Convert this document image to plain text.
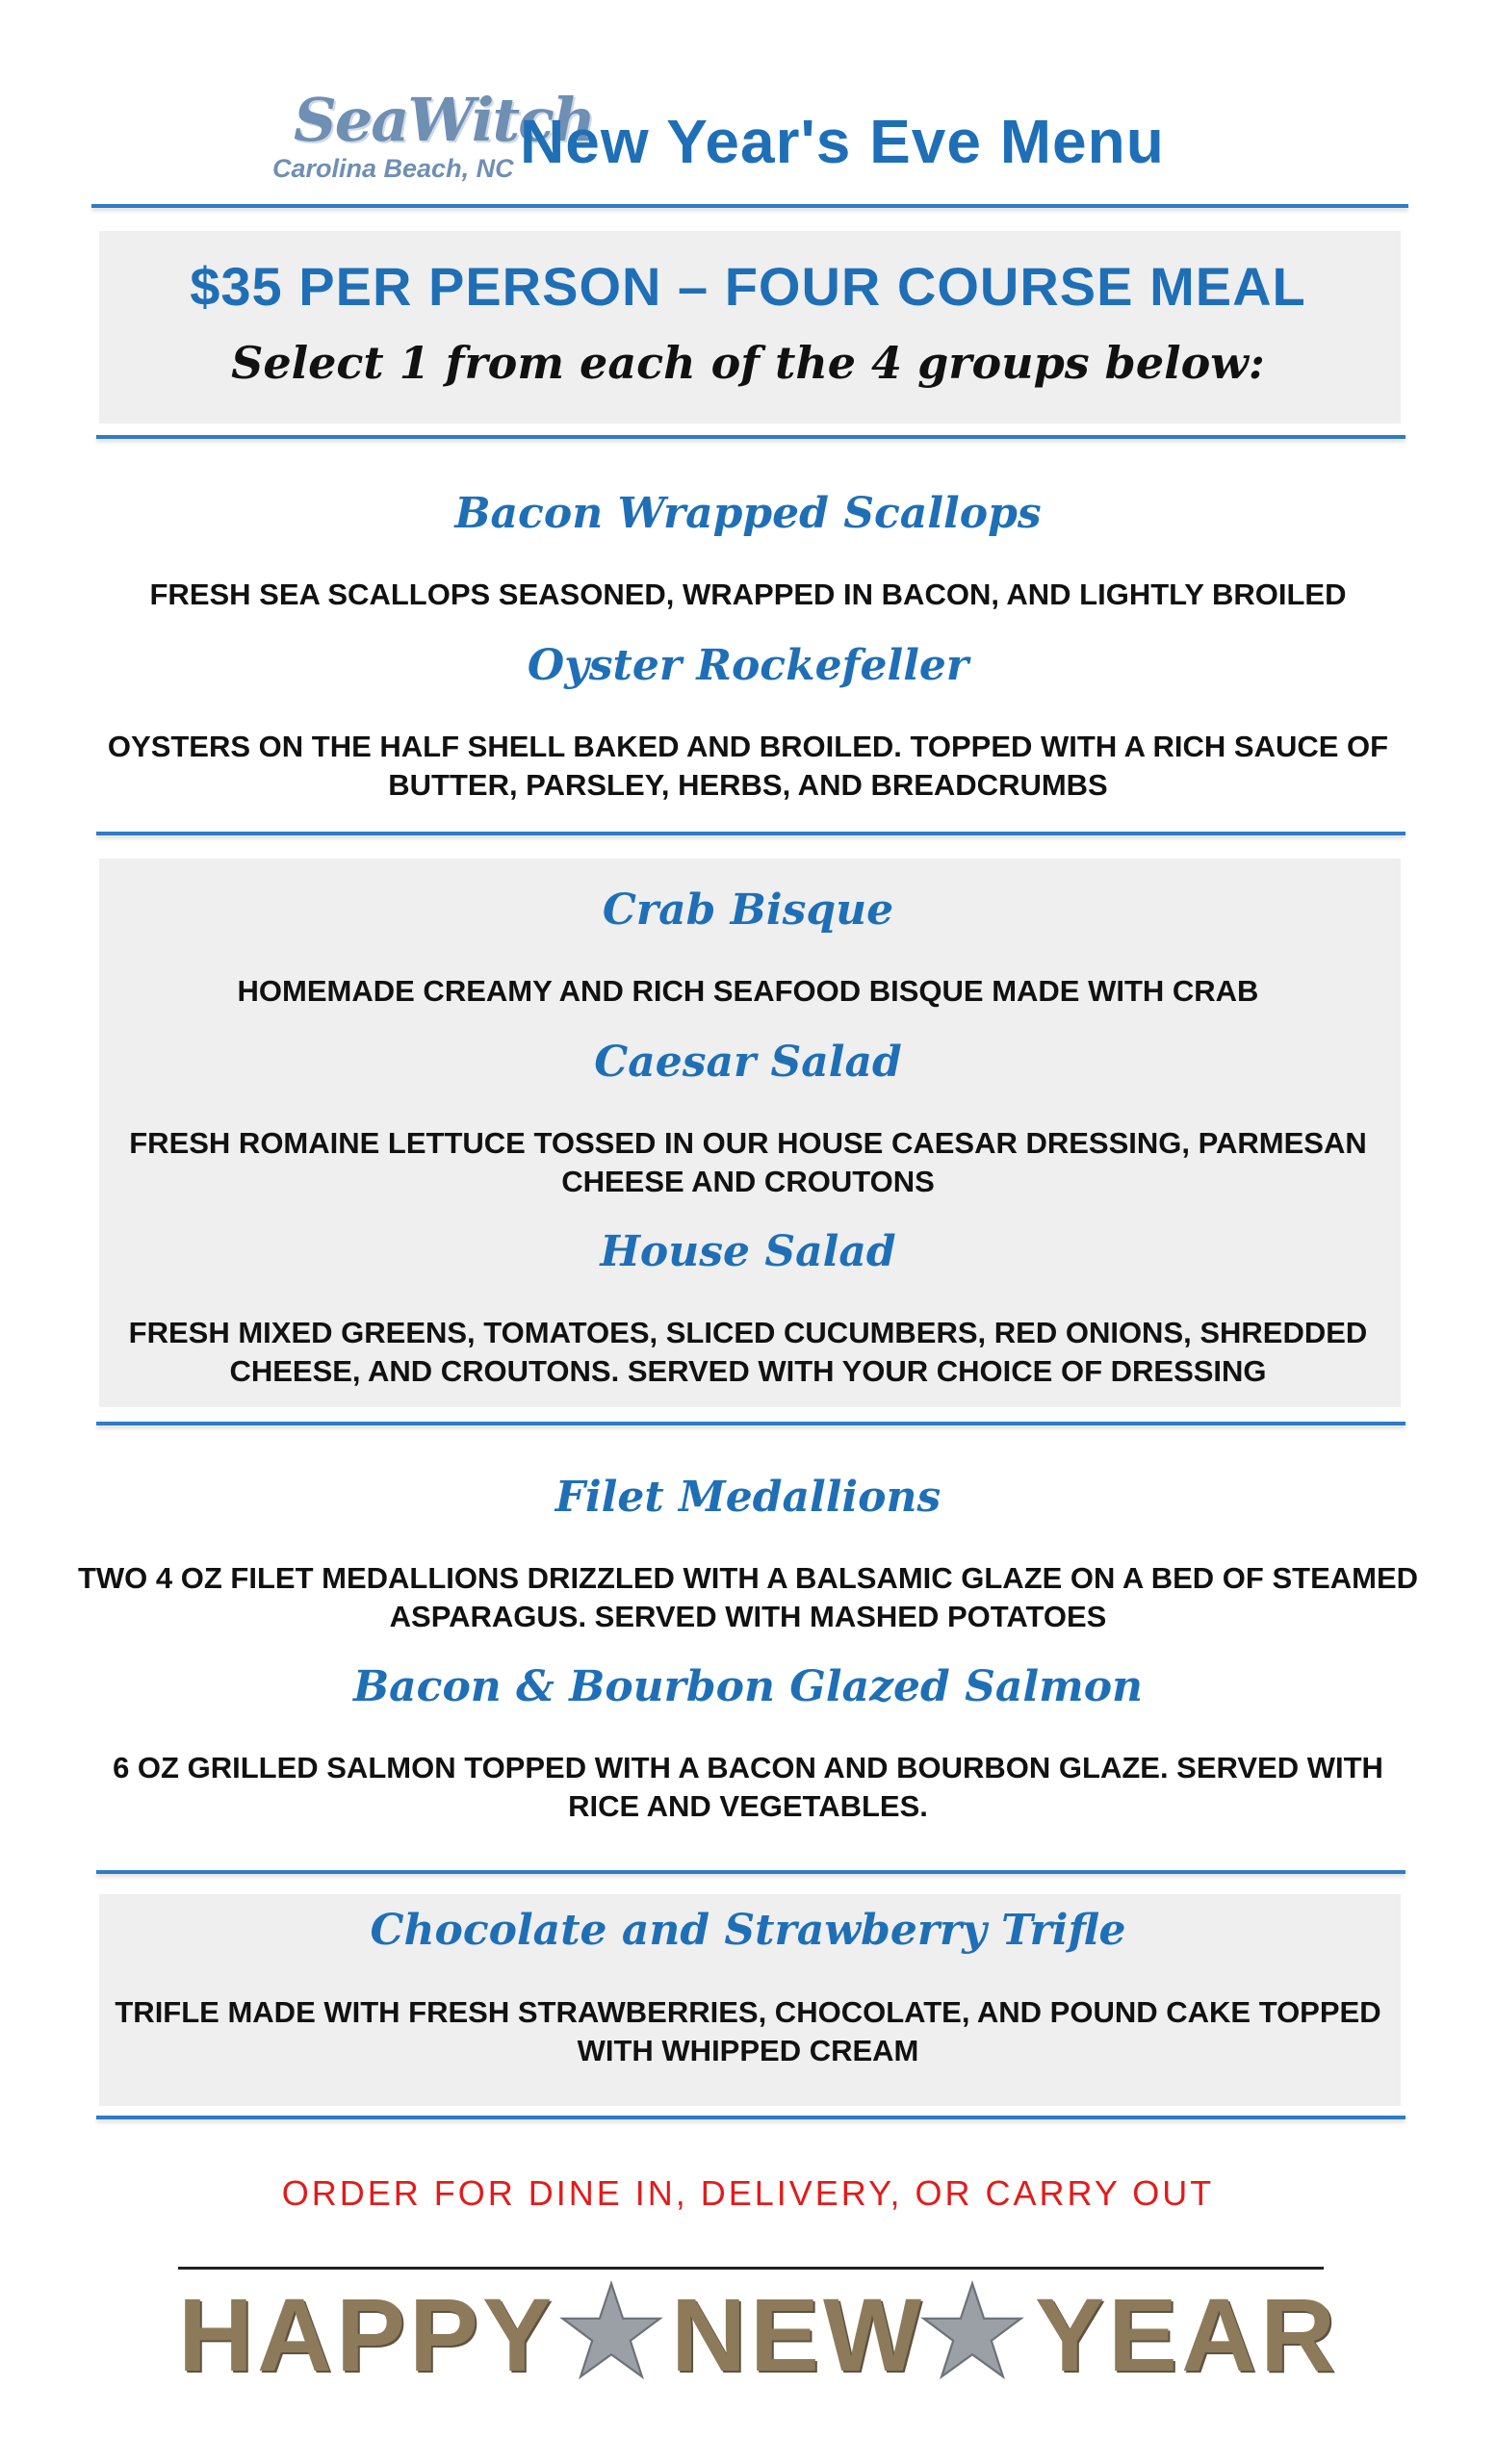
SeaWitch
Carolina Beach, NC New Year's Eve Menu
$35 PER PERSON – FOUR COURSE MEAL
Select 1 from each of the 4 groups below:
Bacon Wrapped Scallops
FRESH SEA SCALLOPS SEASONED, WRAPPED IN BACON, AND LIGHTLY BROILED
Oyster Rockefeller
OYSTERS ON THE HALF SHELL BAKED AND BROILED. TOPPED WITH A RICH SAUCE OF BUTTER, PARSLEY, HERBS, AND BREADCRUMBS
Crab Bisque
HOMEMADE CREAMY AND RICH SEAFOOD BISQUE MADE WITH CRAB
Caesar Salad
FRESH ROMAINE LETTUCE TOSSED IN OUR HOUSE CAESAR DRESSING, PARMESAN CHEESE AND CROUTONS
House Salad
FRESH MIXED GREENS, TOMATOES, SLICED CUCUMBERS, RED ONIONS, SHREDDED CHEESE, AND CROUTONS. SERVED WITH YOUR CHOICE OF DRESSING
Filet Medallions
TWO 4 OZ FILET MEDALLIONS DRIZZLED WITH A BALSAMIC GLAZE ON A BED OF STEAMED ASPARAGUS. SERVED WITH MASHED POTATOES
Bacon & Bourbon Glazed Salmon
6 OZ GRILLED SALMON TOPPED WITH A BACON AND BOURBON GLAZE. SERVED WITH RICE AND VEGETABLES.
Chocolate and Strawberry Trifle
TRIFLE MADE WITH FRESH STRAWBERRIES, CHOCOLATE, AND POUND CAKE TOPPED WITH WHIPPED CREAM
ORDER FOR DINE IN, DELIVERY, OR CARRY OUT
HAPPY NEW YEAR
